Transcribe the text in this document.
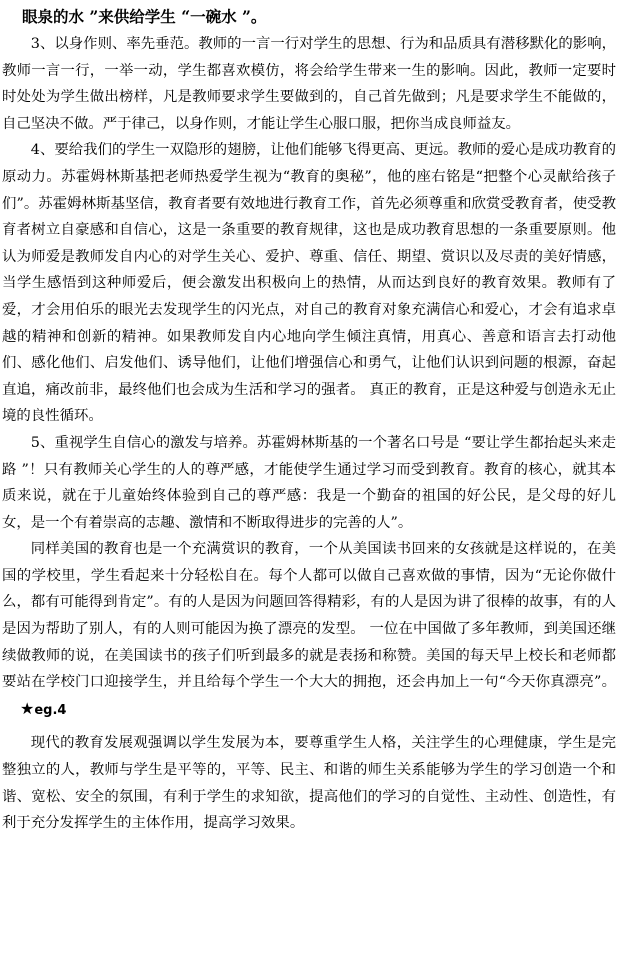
眼泉的水 ”来供给学生 “一碗水 ”。

3、以身作则、率先垂范。教师的一言一行对学生的思想、行为和品质具有潜移默化的影响，教师一言一行，一举一动，学生都喜欢模仿，将会给学生带来一生的影响。因此，教师一定要时时处处为学生做出榜样，凡是教师要求学生要做到的，自己首先做到；凡是要求学生不能做的，自己坚决不做。严于律己，以身作则，才能让学生心服口服，把你当成良师益友。

4、要给我们的学生一双隐形的翅膀，让他们能够飞得更高、更远。教师的爱心是成功教育的原动力。苏霍姆林斯基把老师热爱学生视为“教育的奥秘”，他的座右铭是“把整个心灵献给孩子们”。苏霍姆林斯基坚信，教育者要有效地进行教育工作，首先必须尊重和欣赏受教育者，使受教育者树立自豪感和自信心，这是一条重要的教育规律，这也是成功教育思想的一条重要原则。他认为师爱是教师发自内心的对学生关心、爱护、尊重、信任、期望、赏识以及尽责的美好情感，当学生感悟到这种师爱后，便会激发出积极向上的热情，从而达到良好的教育效果。教师有了爱，才会用伯乐的眼光去发现学生的闪光点，对自己的教育对象充满信心和爱心，才会有追求卓越的精神和创新的精神。如果教师发自内心地向学生倾注真情，用真心、善意和语言去打动他们、感化他们、启发他们、诱导他们，让他们增强信心和勇气，让他们认识到问题的根源，奋起直追，痛改前非，最终他们也会成为生活和学习的强者。 真正的教育，正是这种爱与创造永无止境的良性循环。

5、重视学生自信心的激发与培养。苏霍姆林斯基的一个著名口号是 “要让学生都抬起头来走路 ”！只有教师关心学生的人的尊严感，才能使学生通过学习而受到教育。教育的核心，就其本质来说，就在于儿童始终体验到自己的尊严感：我是一个勤奋的祖国的好公民，是父母的好儿女，是一个有着崇高的志趣、激情和不断取得进步的完善的人”。

同样美国的教育也是一个充满赏识的教育，一个从美国读书回来的女孩就是这样说的，在美国的学校里，学生看起来十分轻松自在。每个人都可以做自己喜欢做的事情，因为“无论你做什么，都有可能得到肯定”。有的人是因为问题回答得精彩，有的人是因为讲了很棒的故事，有的人是因为帮助了别人，有的人则可能因为换了漂亮的发型。 一位在中国做了多年教师，到美国还继续做教师的说，在美国读书的孩子们听到最多的就是表扬和称赞。美国的每天早上校长和老师都要站在学校门口迎接学生，并且给每个学生一个大大的拥抱，还会冉加上一句“今天你真漂亮”。★eg.4

现代的教育发展观强调以学生发展为本，要尊重学生人格，关注学生的心理健康，学生是完整独立的人，教师与学生是平等的，平等、民主、和谐的师生关系能够为学生的学习创造一个和谐、宽松、安全的氛围，有利于学生的求知欲，提高他们的学习的自觉性、主动性、创造性，有利于充分发挥学生的主体作用，提高学习效果。
